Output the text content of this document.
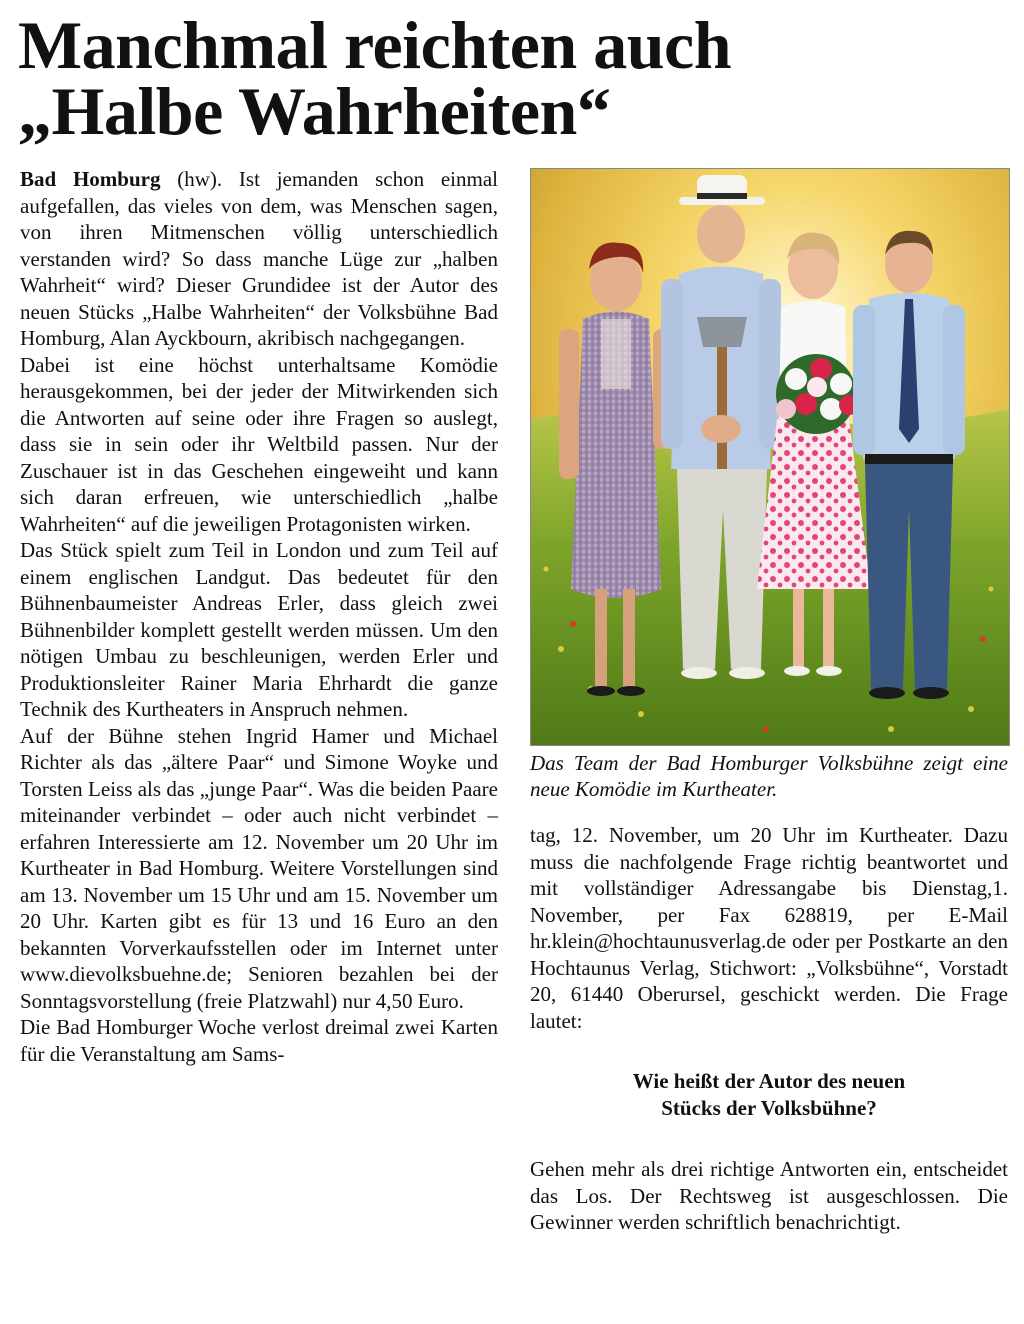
Manchmal reichten auch
„Halbe Wahrheiten“

Bad Homburg (hw). Ist jemanden schon einmal aufgefallen, das vieles von dem, was Menschen sagen, von ihren Mitmenschen völlig unterschiedlich verstanden wird? So dass manche Lüge zur „halben Wahrheit“ wird? Dieser Grundidee ist der Autor des neuen Stücks „Halbe Wahrheiten“ der Volksbühne Bad Homburg, Alan Ayckbourn, akribisch nachgegangen.

Dabei ist eine höchst unterhaltsame Komödie herausgekommen, bei der jeder der Mitwirkenden sich die Antworten auf seine oder ihre Fragen so auslegt, dass sie in sein oder ihr Weltbild passen. Nur der Zuschauer ist in das Geschehen eingeweiht und kann sich daran erfreuen, wie unterschiedlich „halbe Wahrheiten“ auf die jeweiligen Protagonisten wirken.

Das Stück spielt zum Teil in London und zum Teil auf einem englischen Landgut. Das bedeutet für den Bühnenbaumeister Andreas Erler, dass gleich zwei Bühnenbilder komplett gestellt werden müssen. Um den nötigen Umbau zu beschleunigen, werden Erler und Produktionsleiter Rainer Maria Ehrhardt die ganze Technik des Kurtheaters in Anspruch nehmen.

Auf der Bühne stehen Ingrid Hamer und Michael Richter als das „ältere Paar“ und Simone Woyke und Torsten Leiss als das „junge Paar“. Was die beiden Paare miteinander verbindet – oder auch nicht verbindet – erfahren Interessierte am 12. November um 20 Uhr im Kurtheater in Bad Homburg. Weitere Vorstellungen sind am 13. November um 15 Uhr und am 15. November um 20 Uhr. Karten gibt es für 13 und 16 Euro an den bekannten Vorverkaufsstellen oder im Internet unter www.dievolksbuehne.de; Senioren bezahlen bei der Sonntagsvorstellung (freie Platzwahl) nur 4,50 Euro.

Die Bad Homburger Woche verlost dreimal zwei Karten für die Veranstaltung am Sams-

Das Team der Bad Homburger Volksbühne zeigt eine neue Komödie im Kurtheater.

tag, 12. November, um 20 Uhr im Kurtheater. Dazu muss die nachfolgende Frage richtig beantwortet und mit vollständiger Adressangabe bis Dienstag,1. November, per Fax 628819, per E-Mail hr.klein@hochtaunusverlag.de oder per Postkarte an den Hochtaunus Verlag, Stichwort: „Volksbühne“, Vorstadt 20, 61440 Oberursel, geschickt werden. Die Frage lautet:

Wie heißt der Autor des neuen
Stücks der Volksbühne?

Gehen mehr als drei richtige Antworten ein, entscheidet das Los. Der Rechtsweg ist ausgeschlossen. Die Gewinner werden schriftlich benachrichtigt.
